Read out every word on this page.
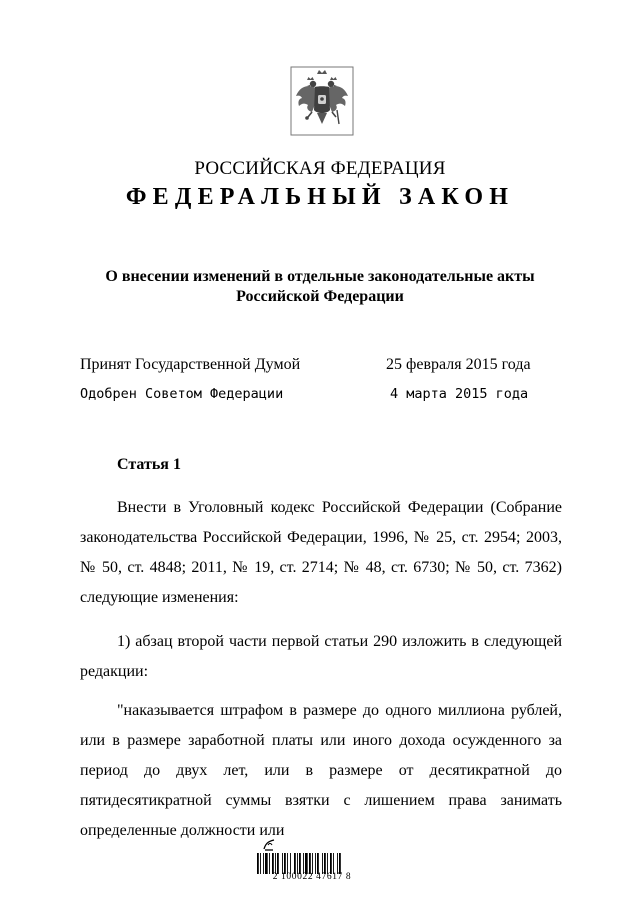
РОССИЙСКАЯ ФЕДЕРАЦИЯ
ФЕДЕРАЛЬНЫЙ ЗАКОН
О внесении изменений в отдельные законодательные акты
Российской Федерации
Принят Государственной Думой	25 февраля 2015 года
Одобрен Советом Федерации	4 марта 2015 года
Статья 1
Внести в Уголовный кодекс Российской Федерации (Собрание законодательства Российской Федерации, 1996, № 25, ст. 2954; 2003, № 50, ст. 4848; 2011, № 19, ст. 2714; № 48, ст. 6730; № 50, ст. 7362) следующие изменения:
1) абзац второй части первой статьи 290 изложить в следующей редакции:
"наказывается штрафом в размере до одного миллиона рублей, или в размере заработной платы или иного дохода осужденного за период до двух лет, или в размере от десятикратной до пятидесятикратной суммы взятки с лишением права занимать определенные должности или
2 100022 47617 8
